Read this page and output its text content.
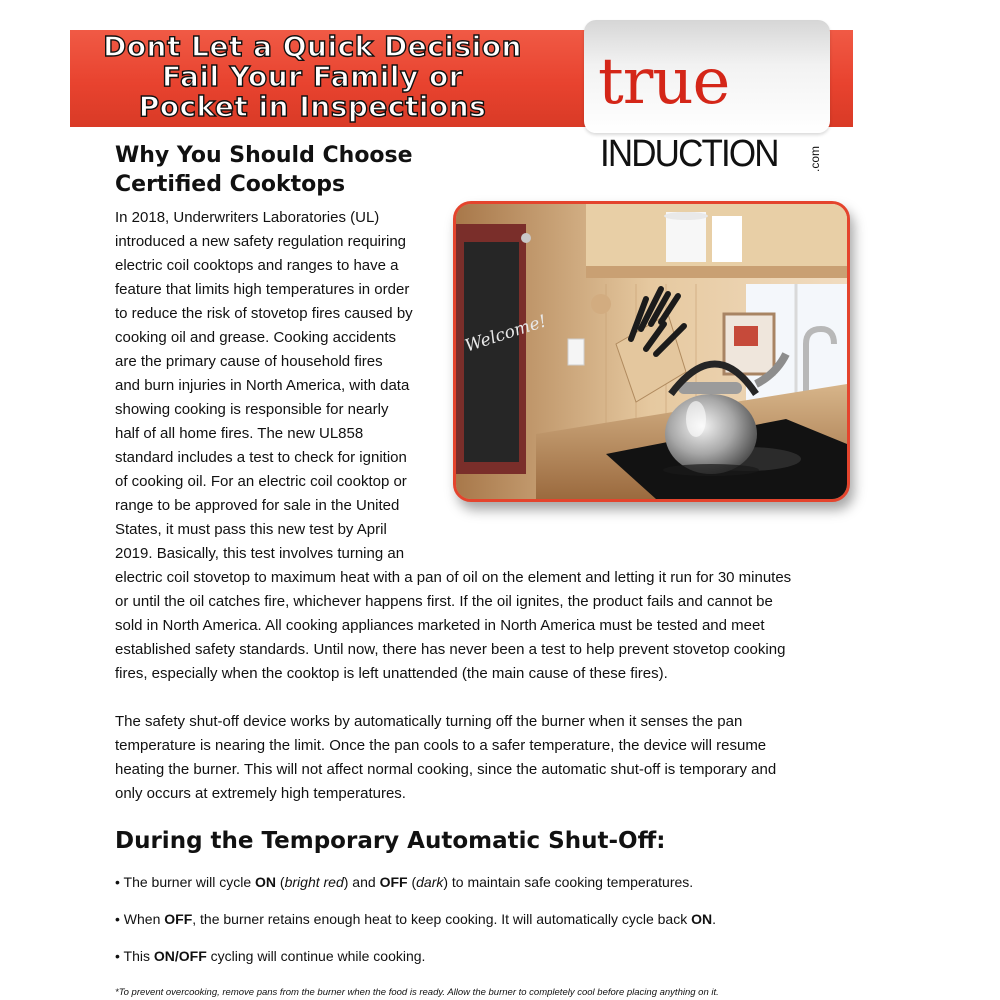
Dont Let a Quick Decision
Fail Your Family or
Pocket in Inspections	true
INDUCTION	.com
Why You Should Choose
Certified Cooktops
In 2018, Underwriters Laboratories (UL)
introduced a new safety regulation requiring
electric coil cooktops and ranges to have a
feature that limits high temperatures in order
to reduce the risk of stovetop fires caused by
cooking oil and grease. Cooking accidents
are the primary cause of household fires
and burn injuries in North America, with data
showing cooking is responsible for nearly
half of all home fires. The new UL858
standard includes a test to check for ignition
of cooking oil. For an electric coil cooktop or
range to be approved for sale in the United
States, it must pass this new test by April
2019. Basically, this test involves turning an
electric coil stovetop to maximum heat with a pan of oil on the element and letting it run for 30 minutes
or until the oil catches fire, whichever happens first. If the oil ignites, the product fails and cannot be
sold in North America. All cooking appliances marketed in North America must be tested and meet
established safety standards. Until now, there has never been a test to help prevent stovetop cooking
fires, especially when the cooktop is left unattended (the main cause of these fires).
The safety shut-off device works by automatically turning off the burner when it senses the pan
temperature is nearing the limit. Once the pan cools to a safer temperature, the device will resume
heating the burner. This will not affect normal cooking, since the automatic shut-off is temporary and
only occurs at extremely high temperatures.
Welcome!
During the Temporary Automatic Shut-Off:
• The burner will cycle ON (bright red) and OFF (dark) to maintain safe cooking temperatures.
• When OFF, the burner retains enough heat to keep cooking. It will automatically cycle back ON.
• This ON/OFF cycling will continue while cooking.
*To prevent overcooking, remove pans from the burner when the food is ready. Allow the burner to completely cool before placing anything on it.
